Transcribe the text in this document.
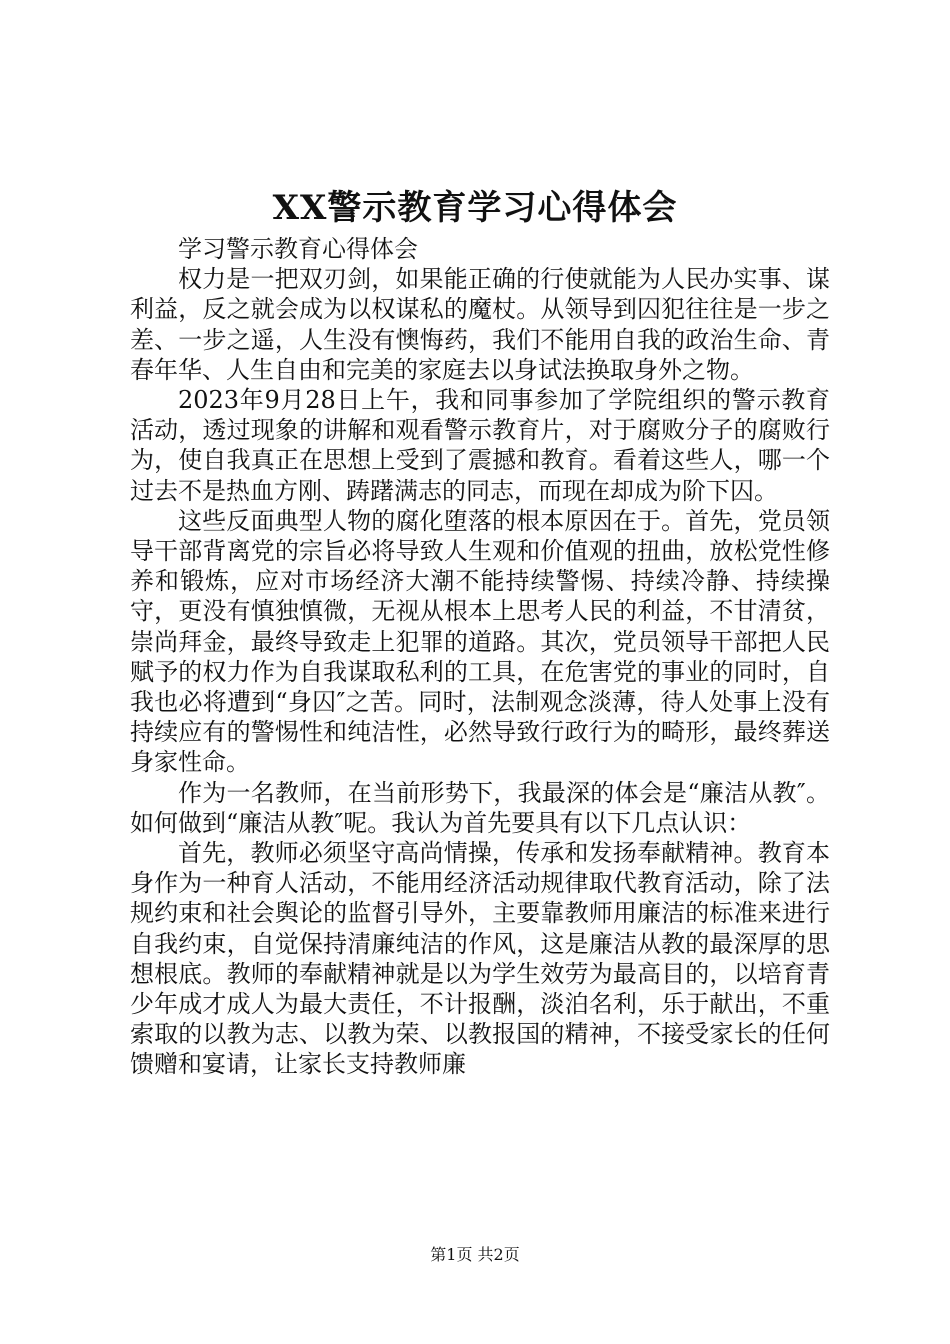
XX警示教育学习心得体会

学习警示教育心得体会

权力是一把双刃剑，如果能正确的行使就能为人民办实事、谋利益，反之就会成为以权谋私的魔杖。从领导到囚犯往往是一步之差、一步之遥，人生没有懊悔药，我们不能用自我的政治生命、青春年华、人生自由和完美的家庭去以身试法换取身外之物。

2023年9月28日上午，我和同事参加了学院组织的警示教育活动，透过现象的讲解和观看警示教育片，对于腐败分子的腐败行为，使自我真正在思想上受到了震撼和教育。看着这些人，哪一个过去不是热血方刚、踌躇满志的同志，而现在却成为阶下囚。

这些反面典型人物的腐化堕落的根本原因在于。首先，党员领导干部背离党的宗旨必将导致人生观和价值观的扭曲，放松党性修养和锻炼，应对市场经济大潮不能持续警惕、持续冷静、持续操守，更没有慎独慎微，无视从根本上思考人民的利益，不甘清贫，崇尚拜金，最终导致走上犯罪的道路。其次，党员领导干部把人民赋予的权力作为自我谋取私利的工具，在危害党的事业的同时，自我也必将遭到“身囚″之苦。同时，法制观念淡薄，待人处事上没有持续应有的警惕性和纯洁性，必然导致行政行为的畸形，最终葬送身家性命。

作为一名教师，在当前形势下，我最深的体会是“廉洁从教″。如何做到“廉洁从教″呢。我认为首先要具有以下几点认识：

首先，教师必须坚守高尚情操，传承和发扬奉献精神。教育本身作为一种育人活动，不能用经济活动规律取代教育活动，除了法规约束和社会舆论的监督引导外，主要靠教师用廉洁的标准来进行自我约束，自觉保持清廉纯洁的作风，这是廉洁从教的最深厚的思想根底。教师的奉献精神就是以为学生效劳为最高目的，以培育青少年成才成人为最大责任，不计报酬，淡泊名利，乐于献出，不重索取的以教为志、以教为荣、以教报国的精神，不接受家长的任何馈赠和宴请，让家长支持教师廉

第1页 共2页
